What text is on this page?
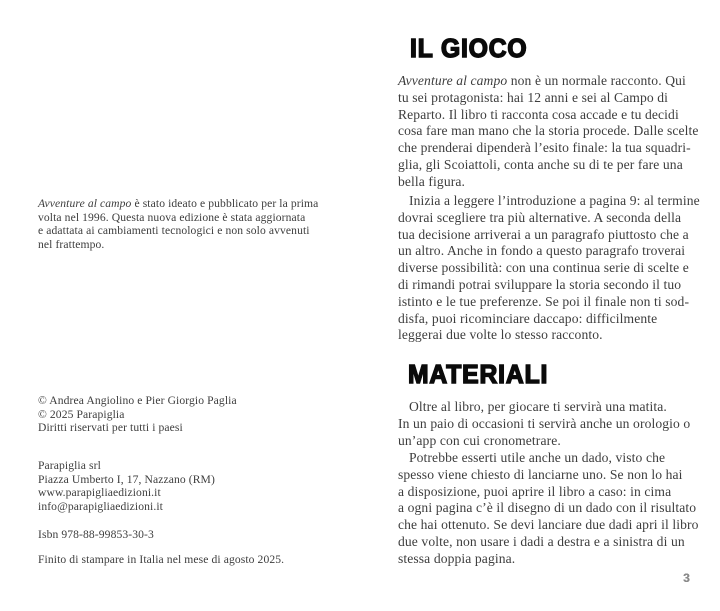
Avventure al campo è stato ideato e pubblicato per la prima
volta nel 1996. Questa nuova edizione è stata aggiornata
e adattata ai cambiamenti tecnologici e non solo avvenuti
nel frattempo.
© Andrea Angiolino e Pier Giorgio Paglia
© 2025 Parapiglia
Diritti riservati per tutti i paesi
Parapiglia srl
Piazza Umberto I, 17, Nazzano (RM)
www.parapigliaedizioni.it
info@parapigliaedizioni.it
Isbn 978-88-99853-30-3
Finito di stampare in Italia nel mese di agosto 2025.
IL GIOCO
Avventure al campo non è un normale racconto. Qui
tu sei protagonista: hai 12 anni e sei al Campo di
Reparto. Il libro ti racconta cosa accade e tu decidi
cosa fare man mano che la storia procede. Dalle scelte
che prenderai dipenderà l’esito finale: la tua squadri-
glia, gli Scoiattoli, conta anche su di te per fare una
bella figura.
Inizia a leggere l’introduzione a pagina 9: al termine
dovrai scegliere tra più alternative. A seconda della
tua decisione arriverai a un paragrafo piuttosto che a
un altro. Anche in fondo a questo paragrafo troverai
diverse possibilità: con una continua serie di scelte e
di rimandi potrai sviluppare la storia secondo il tuo
istinto e le tue preferenze. Se poi il finale non ti sod-
disfa, puoi ricominciare daccapo: difficilmente
leggerai due volte lo stesso racconto.
MATERIALI
Oltre al libro, per giocare ti servirà una matita.
In un paio di occasioni ti servirà anche un orologio o
un’app con cui cronometrare.
Potrebbe esserti utile anche un dado, visto che
spesso viene chiesto di lanciarne uno. Se non lo hai
a disposizione, puoi aprire il libro a caso: in cima
a ogni pagina c’è il disegno di un dado con il risultato
che hai ottenuto. Se devi lanciare due dadi apri il libro
due volte, non usare i dadi a destra e a sinistra di un
stessa doppia pagina.
3
